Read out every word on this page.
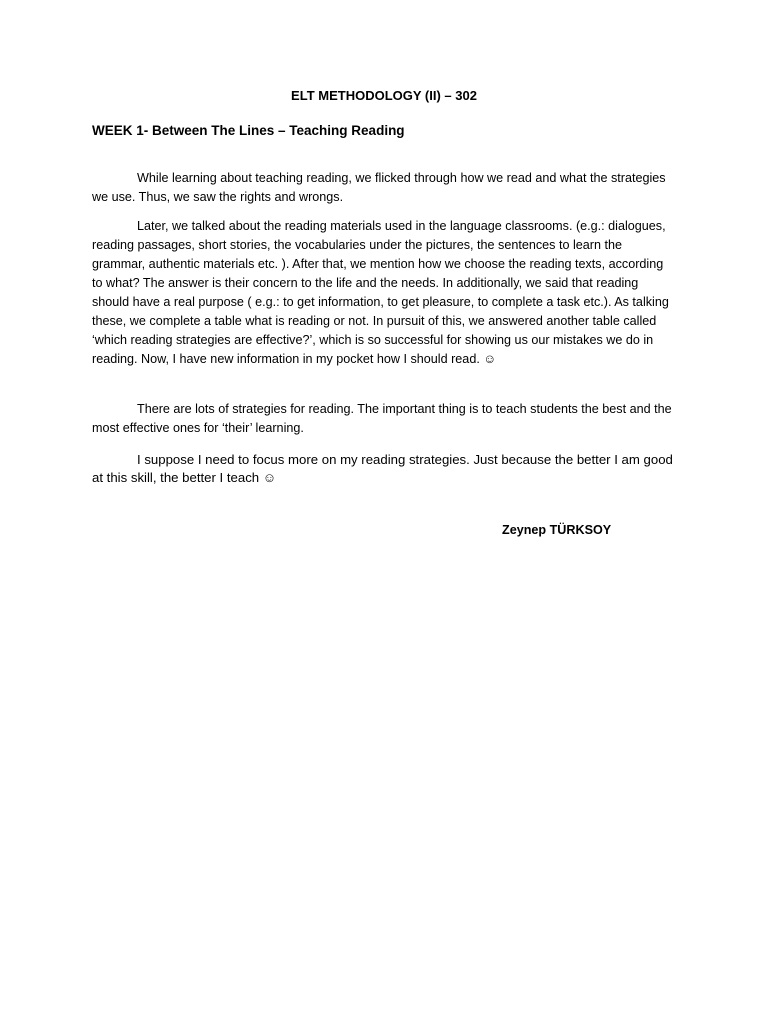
ELT METHODOLOGY (II) – 302
WEEK 1- Between The Lines – Teaching Reading

While learning about teaching reading, we flicked through how we read and what the strategies we use. Thus, we saw the rights and wrongs.

Later, we talked about the reading materials used in the language classrooms. (e.g.: dialogues, reading passages, short stories, the vocabularies under the pictures, the sentences to learn the grammar, authentic materials etc. ). After that, we mention how we choose the reading texts, according to what? The answer is their concern to the life and the needs. In additionally, we said that reading should have a real purpose ( e.g.: to get information, to get pleasure, to complete a task etc.). As talking these, we complete a table what is reading or not. In pursuit of this, we answered another table called ‘which reading strategies are effective?’, which is so successful for showing us our mistakes we do in reading. Now, I have new information in my pocket how I should read. ☺

There are lots of strategies for reading. The important thing is to teach students the best and the most effective ones for ‘their’ learning.

I suppose I need to focus more on my reading strategies. Just because the better I am good at this skill, the better I teach ☺

Zeynep TÜRKSOY
